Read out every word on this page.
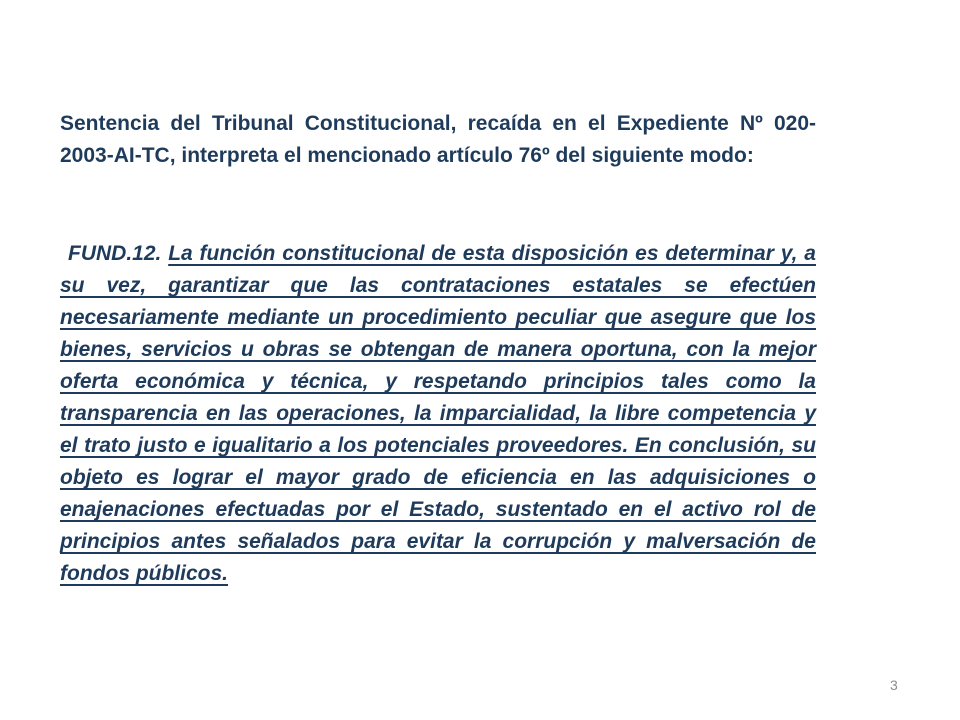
Sentencia del Tribunal Constitucional, recaída en el Expediente Nº 020-2003-AI-TC, interpreta el mencionado artículo 76º del siguiente modo:

FUND.12. La función constitucional de esta disposición es determinar y, a su vez, garantizar que las contrataciones estatales se efectúen necesariamente mediante un procedimiento peculiar que asegure que los bienes, servicios u obras se obtengan de manera oportuna, con la mejor oferta económica y técnica, y respetando principios tales como la transparencia en las operaciones, la imparcialidad, la libre competencia y el trato justo e igualitario a los potenciales proveedores. En conclusión, su objeto es lograr el mayor grado de eficiencia en las adquisiciones o enajenaciones efectuadas por el Estado, sustentado en el activo rol de principios antes señalados para evitar la corrupción y malversación de fondos públicos.

3
